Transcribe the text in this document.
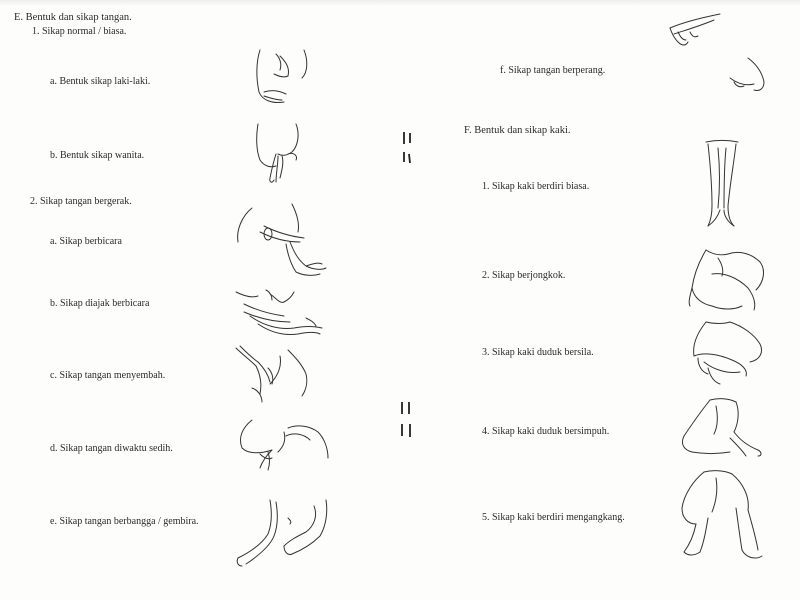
E. Bentuk dan sikap tangan.
1. Sikap normal / biasa.
a. Bentuk sikap laki-laki.
b. Bentuk sikap wanita.
2. Sikap tangan bergerak.
a. Sikap berbicara
b. Sikap diajak berbicara
c. Sikap tangan menyembah.
d. Sikap tangan diwaktu sedih.
e. Sikap tangan berbangga / gembira.
f. Sikap tangan berperang.
F. Bentuk dan sikap kaki.
1. Sikap kaki berdiri biasa.
2. Sikap berjongkok.
3. Sikap kaki duduk bersila.
4. Sikap kaki duduk bersimpuh.
5. Sikap kaki berdiri mengangkang.
